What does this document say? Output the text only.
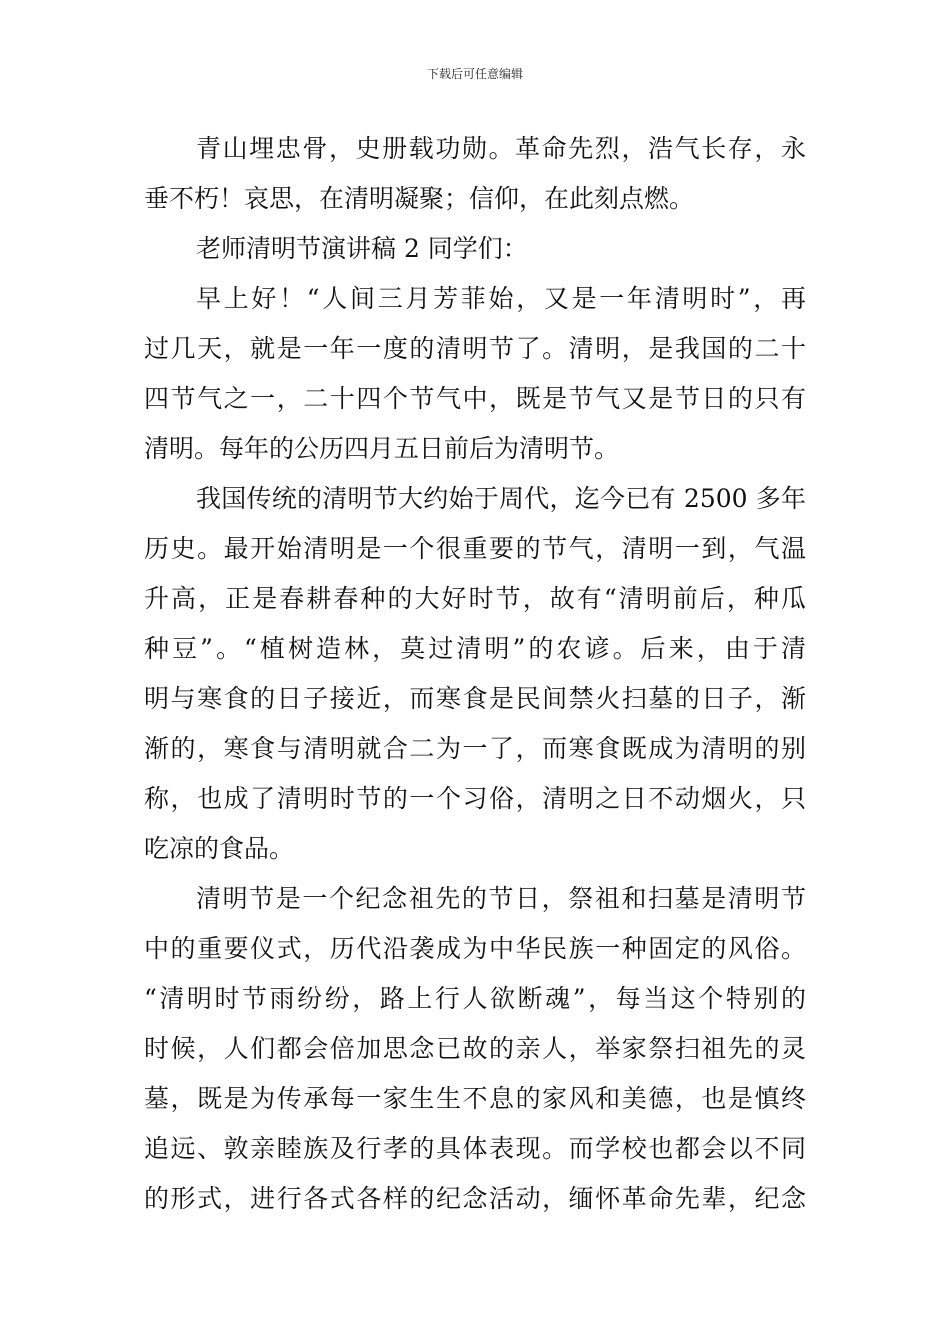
下载后可任意编辑
青山埋忠骨，史册载功勋。革命先烈，浩气长存，永
垂不朽！哀思，在清明凝聚；信仰，在此刻点燃。
老师清明节演讲稿 2 同学们：
早上好！“人间三月芳菲始，又是一年清明时”，再
过几天，就是一年一度的清明节了。清明，是我国的二十
四节气之一，二十四个节气中，既是节气又是节日的只有
清明。每年的公历四月五日前后为清明节。
我国传统的清明节大约始于周代，迄今已有 2500 多年
历史。最开始清明是一个很重要的节气，清明一到，气温
升高，正是春耕春种的大好时节，故有“清明前后，种瓜
种豆”。“植树造林，莫过清明”的农谚。后来，由于清
明与寒食的日子接近，而寒食是民间禁火扫墓的日子，渐
渐的，寒食与清明就合二为一了，而寒食既成为清明的别
称，也成了清明时节的一个习俗，清明之日不动烟火，只
吃凉的食品。
清明节是一个纪念祖先的节日，祭祖和扫墓是清明节
中的重要仪式，历代沿袭成为中华民族一种固定的风俗。
“清明时节雨纷纷，路上行人欲断魂”，每当这个特别的
时候，人们都会倍加思念已故的亲人，举家祭扫祖先的灵
墓，既是为传承每一家生生不息的家风和美德，也是慎终
追远、敦亲睦族及行孝的具体表现。而学校也都会以不同
的形式，进行各式各样的纪念活动，缅怀革命先辈，纪念
